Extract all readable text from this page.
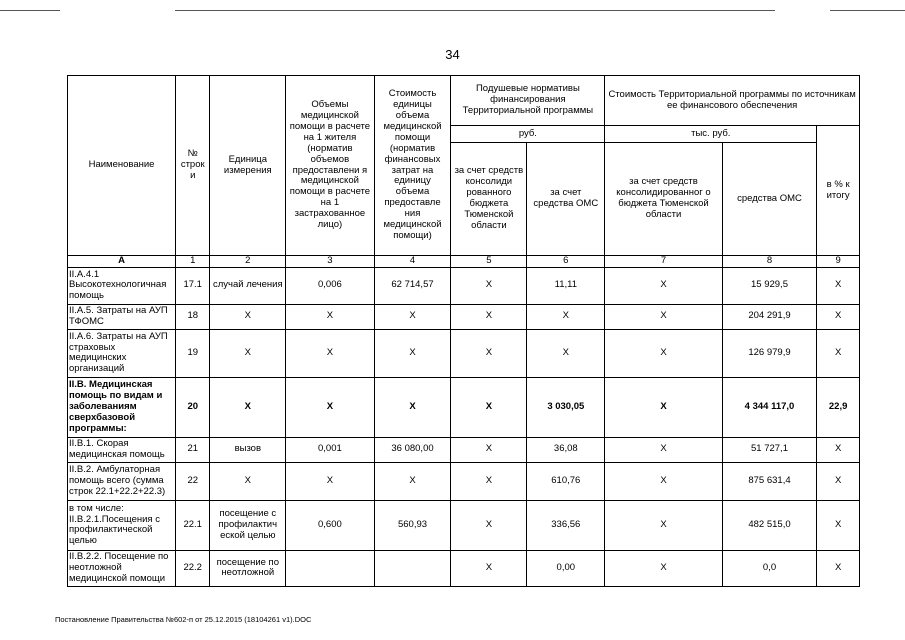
34
Наименование	№ строк и	Единица измерения	Объемы медицинской помощи в расчете на 1 жителя (норматив объемов предоставлени я медицинской помощи в расчете на 1 застрахованное лицо)	Стоимость единицы объема медицинской помощи (норматив финансовых затрат на единицу объема предоставле ния медицинской помощи)	Подушевые нормативы финансирования Территориальной программы		Стоимость Территориальной программы по источникам ее финансового обеспечения		
					руб.		тыс. руб.		в % к итогу
					за счет средств консолиди рованного бюджета Тюменской области	за счет средства ОМС	за счет средств консолидированног о бюджета Тюменской области	средства ОМС	
А	1	2	3	4	5	6	7	8	9
II.А.4.1 Высокотехнологичная помощь	17.1	случай лечения	0,006	62 714,57	X	11,11	X	15 929,5	X
II.А.5. Затраты на АУП ТФОМС	18	X	X	X	X	X	X	204 291,9	X
II.А.6. Затраты на АУП страховых медицинских организаций	19	X	X	X	X	X	X	126 979,9	X
II.В. Медицинская помощь по видам и заболеваниям сверхбазовой программы:	20	X	X	X	X	3 030,05	X	4 344 117,0	22,9
II.В.1. Скорая медицинская помощь	21	вызов	0,001	36 080,00	X	36,08	X	51 727,1	X
II.В.2. Амбулаторная помощь всего (сумма строк 22.1+22.2+22.3)	22	X	X	X	X	610,76	X	875 631,4	X
в том числе: II.В.2.1.Посещения с профилактической целью	22.1	посещение с профилактич еской целью	0,600	560,93	X	336,56	X	482 515,0	X
II.В.2.2. Посещение по неотложной медицинской помощи	22.2	посещение по неотложной			X	0,00	X	0,0	X
Постановление Правительства №602-п от 25.12.2015 (18104261 v1).DOC
